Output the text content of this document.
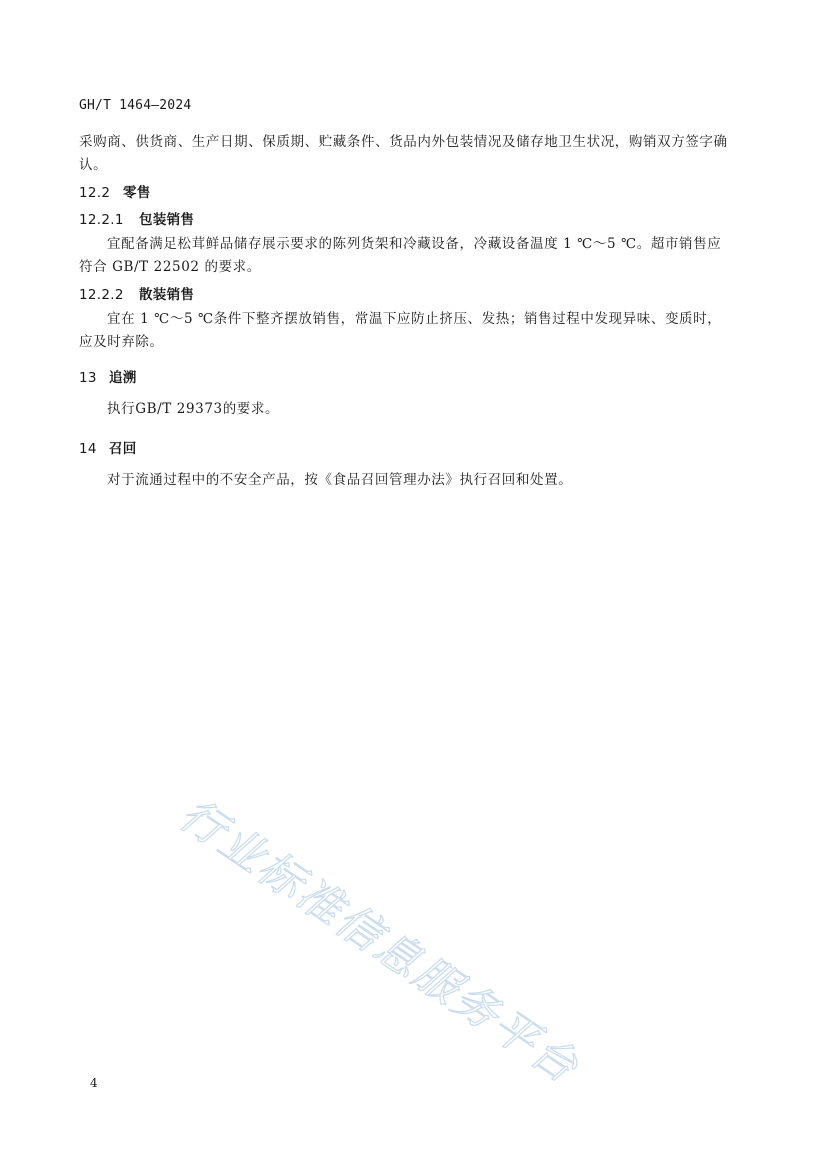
GH/T 1464—2024

采购商、供货商、生产日期、保质期、贮藏条件、货品内外包装情况及储存地卫生状况，购销双方签字确认。

12.2 零售
12.2.1 包装销售

宜配备满足松茸鲜品储存展示要求的陈列货架和冷藏设备，冷藏设备温度 1 ℃～5 ℃。超市销售应符合 GB/T 22502 的要求。

12.2.2 散装销售

宜在 1 ℃～5 ℃条件下整齐摆放销售，常温下应防止挤压、发热；销售过程中发现异味、变质时，应及时弃除。

13 追溯

执行GB/T 29373的要求。

14 召回

对于流通过程中的不安全产品，按《食品召回管理办法》执行召回和处置。

行业标准信息服务平台
4
